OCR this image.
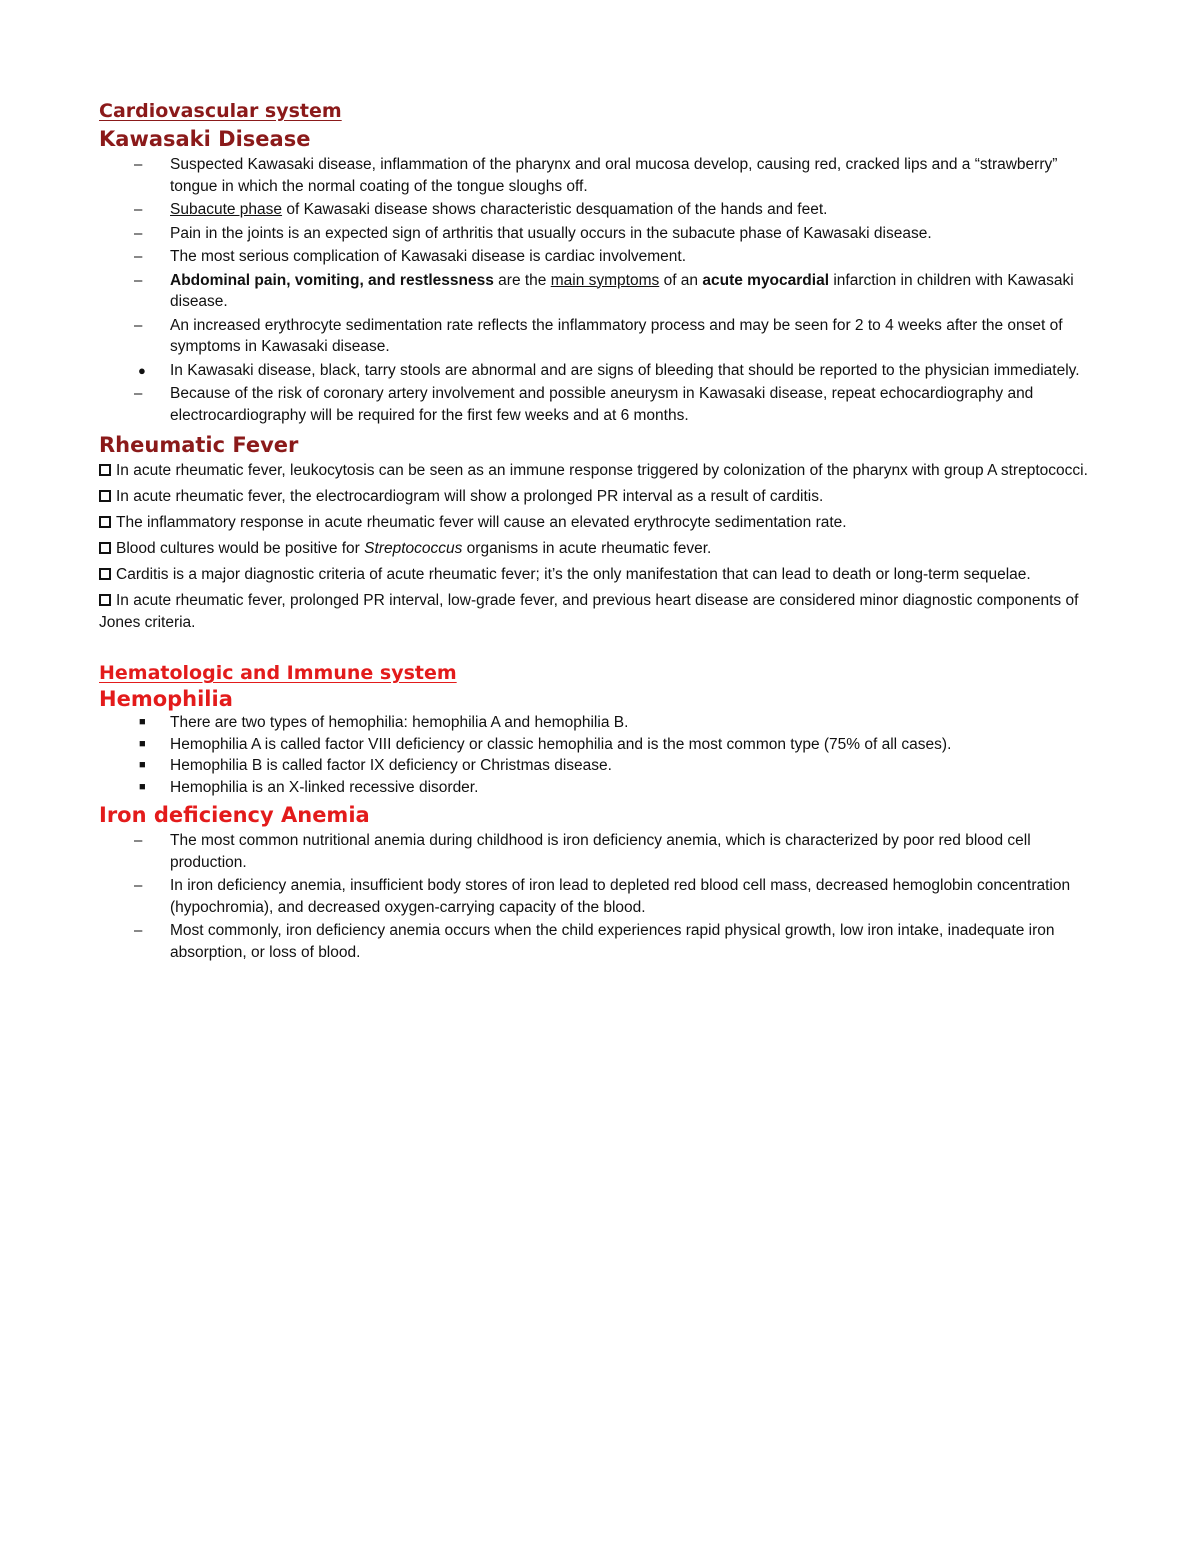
Cardiovascular system
Kawasaki Disease
– Suspected Kawasaki disease, inflammation of the pharynx and oral mucosa develop, causing red, cracked lips and a “strawberry” tongue in which the normal coating of the tongue sloughs off.
– Subacute phase of Kawasaki disease shows characteristic desquamation of the hands and feet.
– Pain in the joints is an expected sign of arthritis that usually occurs in the subacute phase of Kawasaki disease.
– The most serious complication of Kawasaki disease is cardiac involvement.
– Abdominal pain, vomiting, and restlessness are the main symptoms of an acute myocardial infarction in children with Kawasaki disease.
– An increased erythrocyte sedimentation rate reflects the inflammatory process and may be seen for 2 to 4 weeks after the onset of symptoms in Kawasaki disease.
● In Kawasaki disease, black, tarry stools are abnormal and are signs of bleeding that should be reported to the physician immediately.
– Because of the risk of coronary artery involvement and possible aneurysm in Kawasaki disease, repeat echocardiography and electrocardiography will be required for the first few weeks and at 6 months.
Rheumatic Fever
In acute rheumatic fever, leukocytosis can be seen as an immune response triggered by colonization of the pharynx with group A streptococci.
In acute rheumatic fever, the electrocardiogram will show a prolonged PR interval as a result of carditis.
The inflammatory response in acute rheumatic fever will cause an elevated erythrocyte sedimentation rate.
Blood cultures would be positive for Streptococcus organisms in acute rheumatic fever.
Carditis is a major diagnostic criteria of acute rheumatic fever; it’s the only manifestation that can lead to death or long-term sequelae.
In acute rheumatic fever, prolonged PR interval, low-grade fever, and previous heart disease are considered minor diagnostic components of Jones criteria.
Hematologic and Immune system
Hemophilia
■ There are two types of hemophilia: hemophilia A and hemophilia B.
■ Hemophilia A is called factor VIII deficiency or classic hemophilia and is the most common type (75% of all cases).
■ Hemophilia B is called factor IX deficiency or Christmas disease.
■ Hemophilia is an X-linked recessive disorder.
Iron deficiency Anemia
– The most common nutritional anemia during childhood is iron deficiency anemia, which is characterized by poor red blood cell production.
– In iron deficiency anemia, insufficient body stores of iron lead to depleted red blood cell mass, decreased hemoglobin concentration (hypochromia), and decreased oxygen-carrying capacity of the blood.
– Most commonly, iron deficiency anemia occurs when the child experiences rapid physical growth, low iron intake, inadequate iron absorption, or loss of blood.
